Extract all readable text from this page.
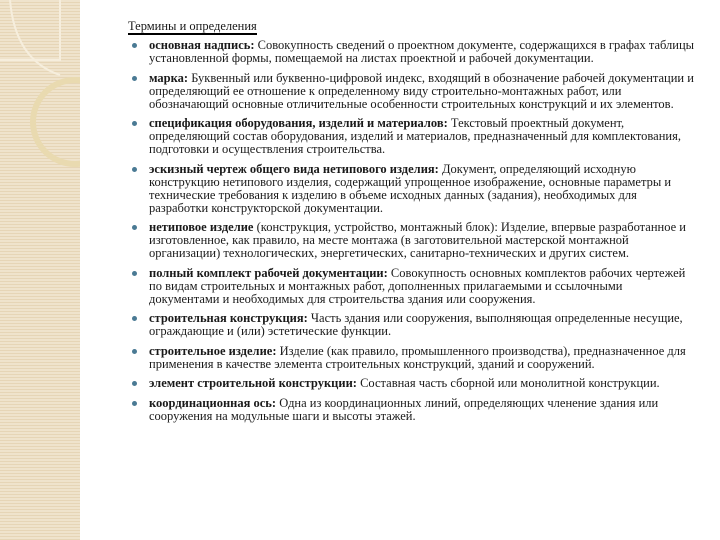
Термины и определения
основная надпись: Совокупность сведений о проектном документе, содержащихся в графах таблицы установленной формы, помещаемой на листах проектной и рабочей документации.
марка: Буквенный или буквенно-цифровой индекс, входящий в обозначение рабочей документации и определяющий ее отношение к определенному виду строительно-монтажных работ, или обозначающий основные отличительные особенности строительных конструкций и их элементов.
спецификация оборудования, изделий и материалов: Текстовый проектный документ, определяющий состав оборудования, изделий и материалов, предназначенный для комплектования, подготовки и осуществления строительства.
эскизный чертеж общего вида нетипового изделия: Документ, определяющий исходную конструкцию нетипового изделия, содержащий упрощенное изображение, основные параметры и технические требования к изделию в объеме исходных данных (задания), необходимых для разработки конструкторской документации.
нетиповое изделие (конструкция, устройство, монтажный блок): Изделие, впервые разработанное и изготовленное, как правило, на месте монтажа (в заготовительной мастерской монтажной организации) технологических, энергетических, санитарно-технических и других систем.
полный комплект рабочей документации: Совокупность основных комплектов рабочих чертежей по видам строительных и монтажных работ, дополненных прилагаемыми и ссылочными документами и необходимых для строительства здания или сооружения.
строительная конструкция: Часть здания или сооружения, выполняющая определенные несущие, ограждающие и (или) эстетические функции.
строительное изделие: Изделие (как правило, промышленного производства), предназначенное для применения в качестве элемента строительных конструкций, зданий и сооружений.
элемент строительной конструкции: Составная часть сборной или монолитной конструкции.
координационная ось: Одна из координационных линий, определяющих членение здания или сооружения на модульные шаги и высоты этажей.
